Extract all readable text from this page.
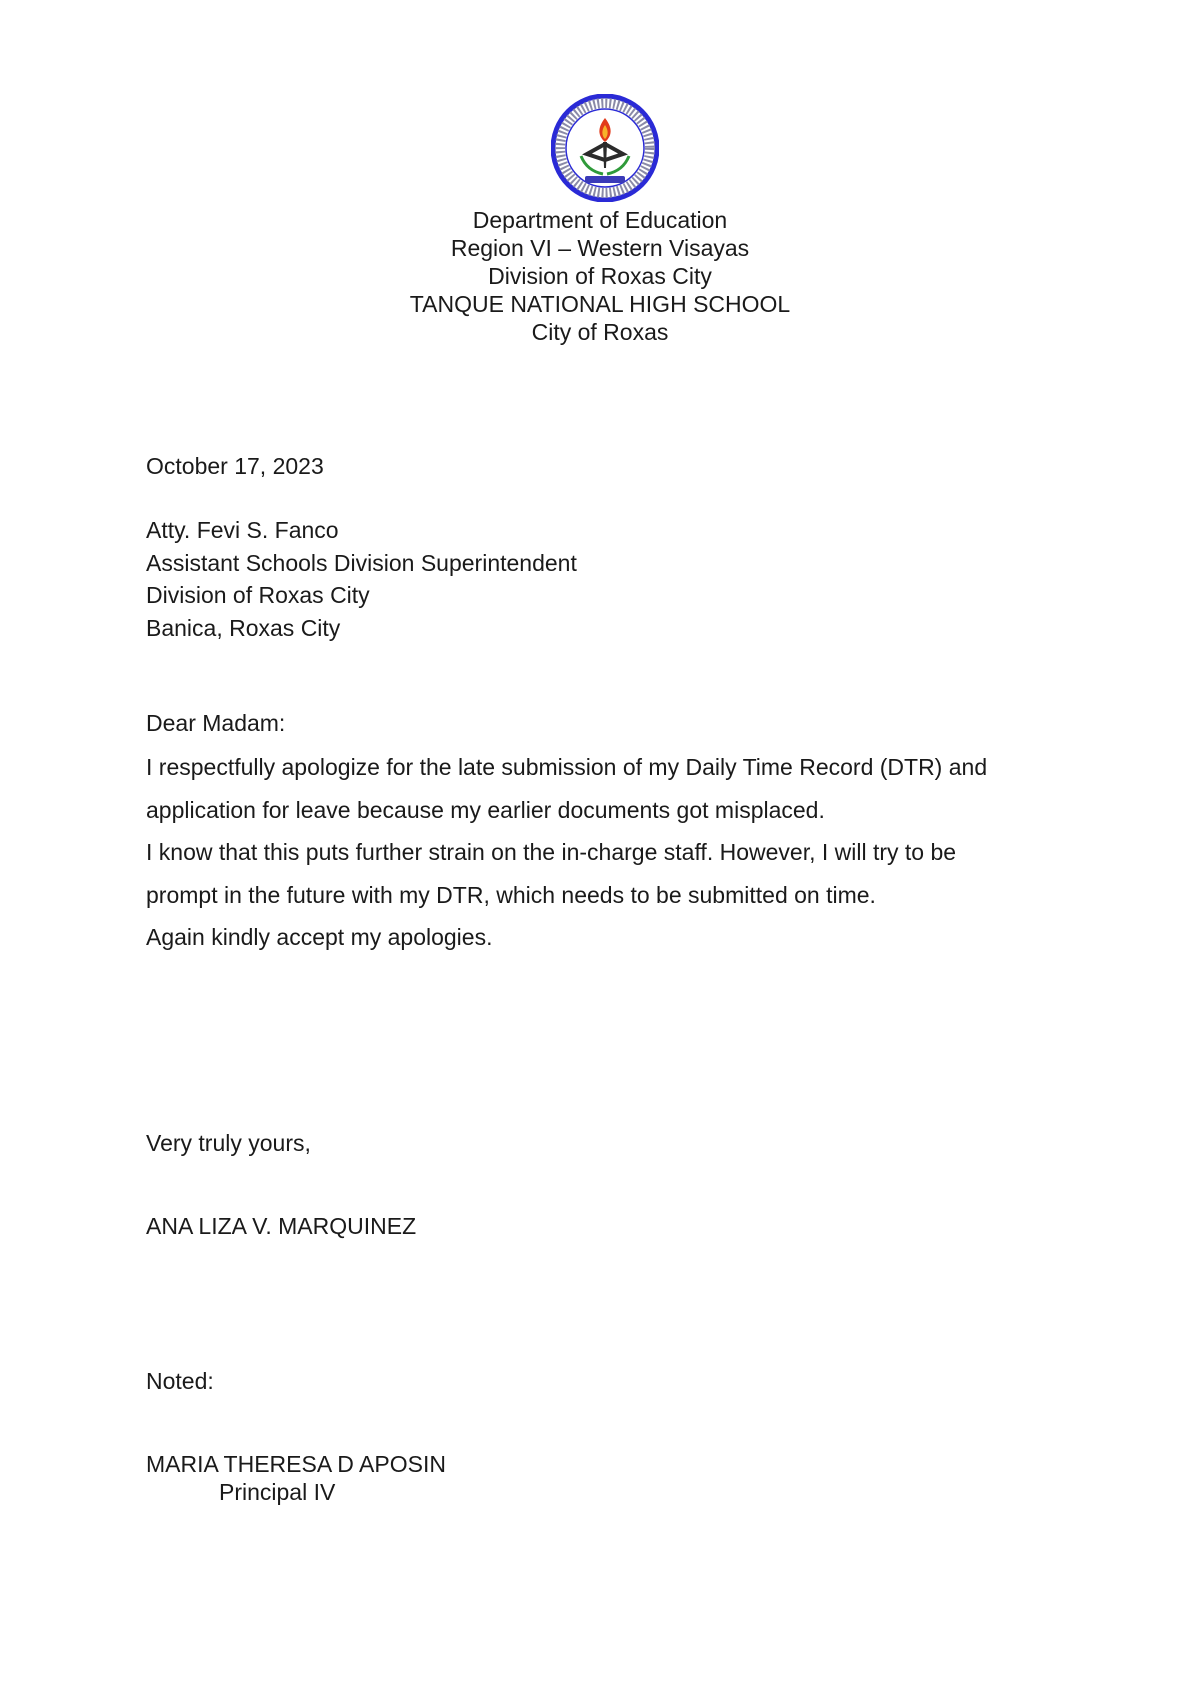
Department of Education
Region VI – Western Visayas
Division of Roxas City
TANQUE NATIONAL HIGH SCHOOL
City of Roxas
October 17, 2023
Atty. Fevi S. Fanco
Assistant Schools Division Superintendent
Division of Roxas City
Banica, Roxas City
Dear Madam:
I respectfully apologize for the late submission of my Daily Time Record (DTR) and
application for leave because my earlier documents got misplaced.
I know that this puts further strain on the in-charge staff. However, I will try to be
prompt in the future with my DTR, which needs to be submitted on time.
Again kindly accept my apologies.
Very truly yours,
ANA LIZA V. MARQUINEZ
Noted:
MARIA THERESA D APOSIN
Principal IV
